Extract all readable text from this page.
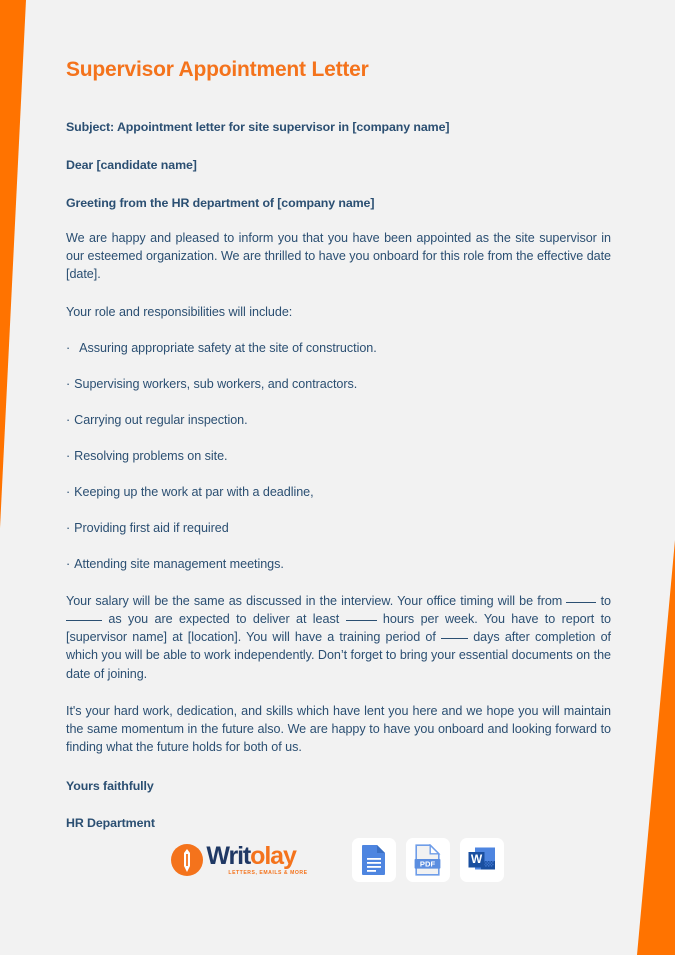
Supervisor Appointment Letter

Subject: Appointment letter for site supervisor in [company name]

Dear [candidate name]

Greeting from the HR department of [company name]

We are happy and pleased to inform you that you have been appointed as the site supervisor in our esteemed organization. We are thrilled to have you onboard for this role from the effective date [date].

Your role and responsibilities will include:

· Assuring appropriate safety at the site of construction.

· Supervising workers, sub workers, and contractors.

· Carrying out regular inspection.

· Resolving problems on site.

· Keeping up the work at par with a deadline,

· Providing first aid if required

· Attending site management meetings.

Your salary will be the same as discussed in the interview. Your office timing will be from  to  as you are expected to deliver at least  hours per week. You have to report to [supervisor name] at [location]. You will have a training period of  days after completion of which you will be able to work independently. Don’t forget to bring your essential documents on the date of joining.

It's your hard work, dedication, and skills which have lent you here and we hope you will maintain the same momentum in the future also. We are happy to have you onboard and looking forward to finding what the future holds for both of us.

Yours faithfully

HR Department

Writolay
LETTERS, EMAILS & MORE
PDF	W
